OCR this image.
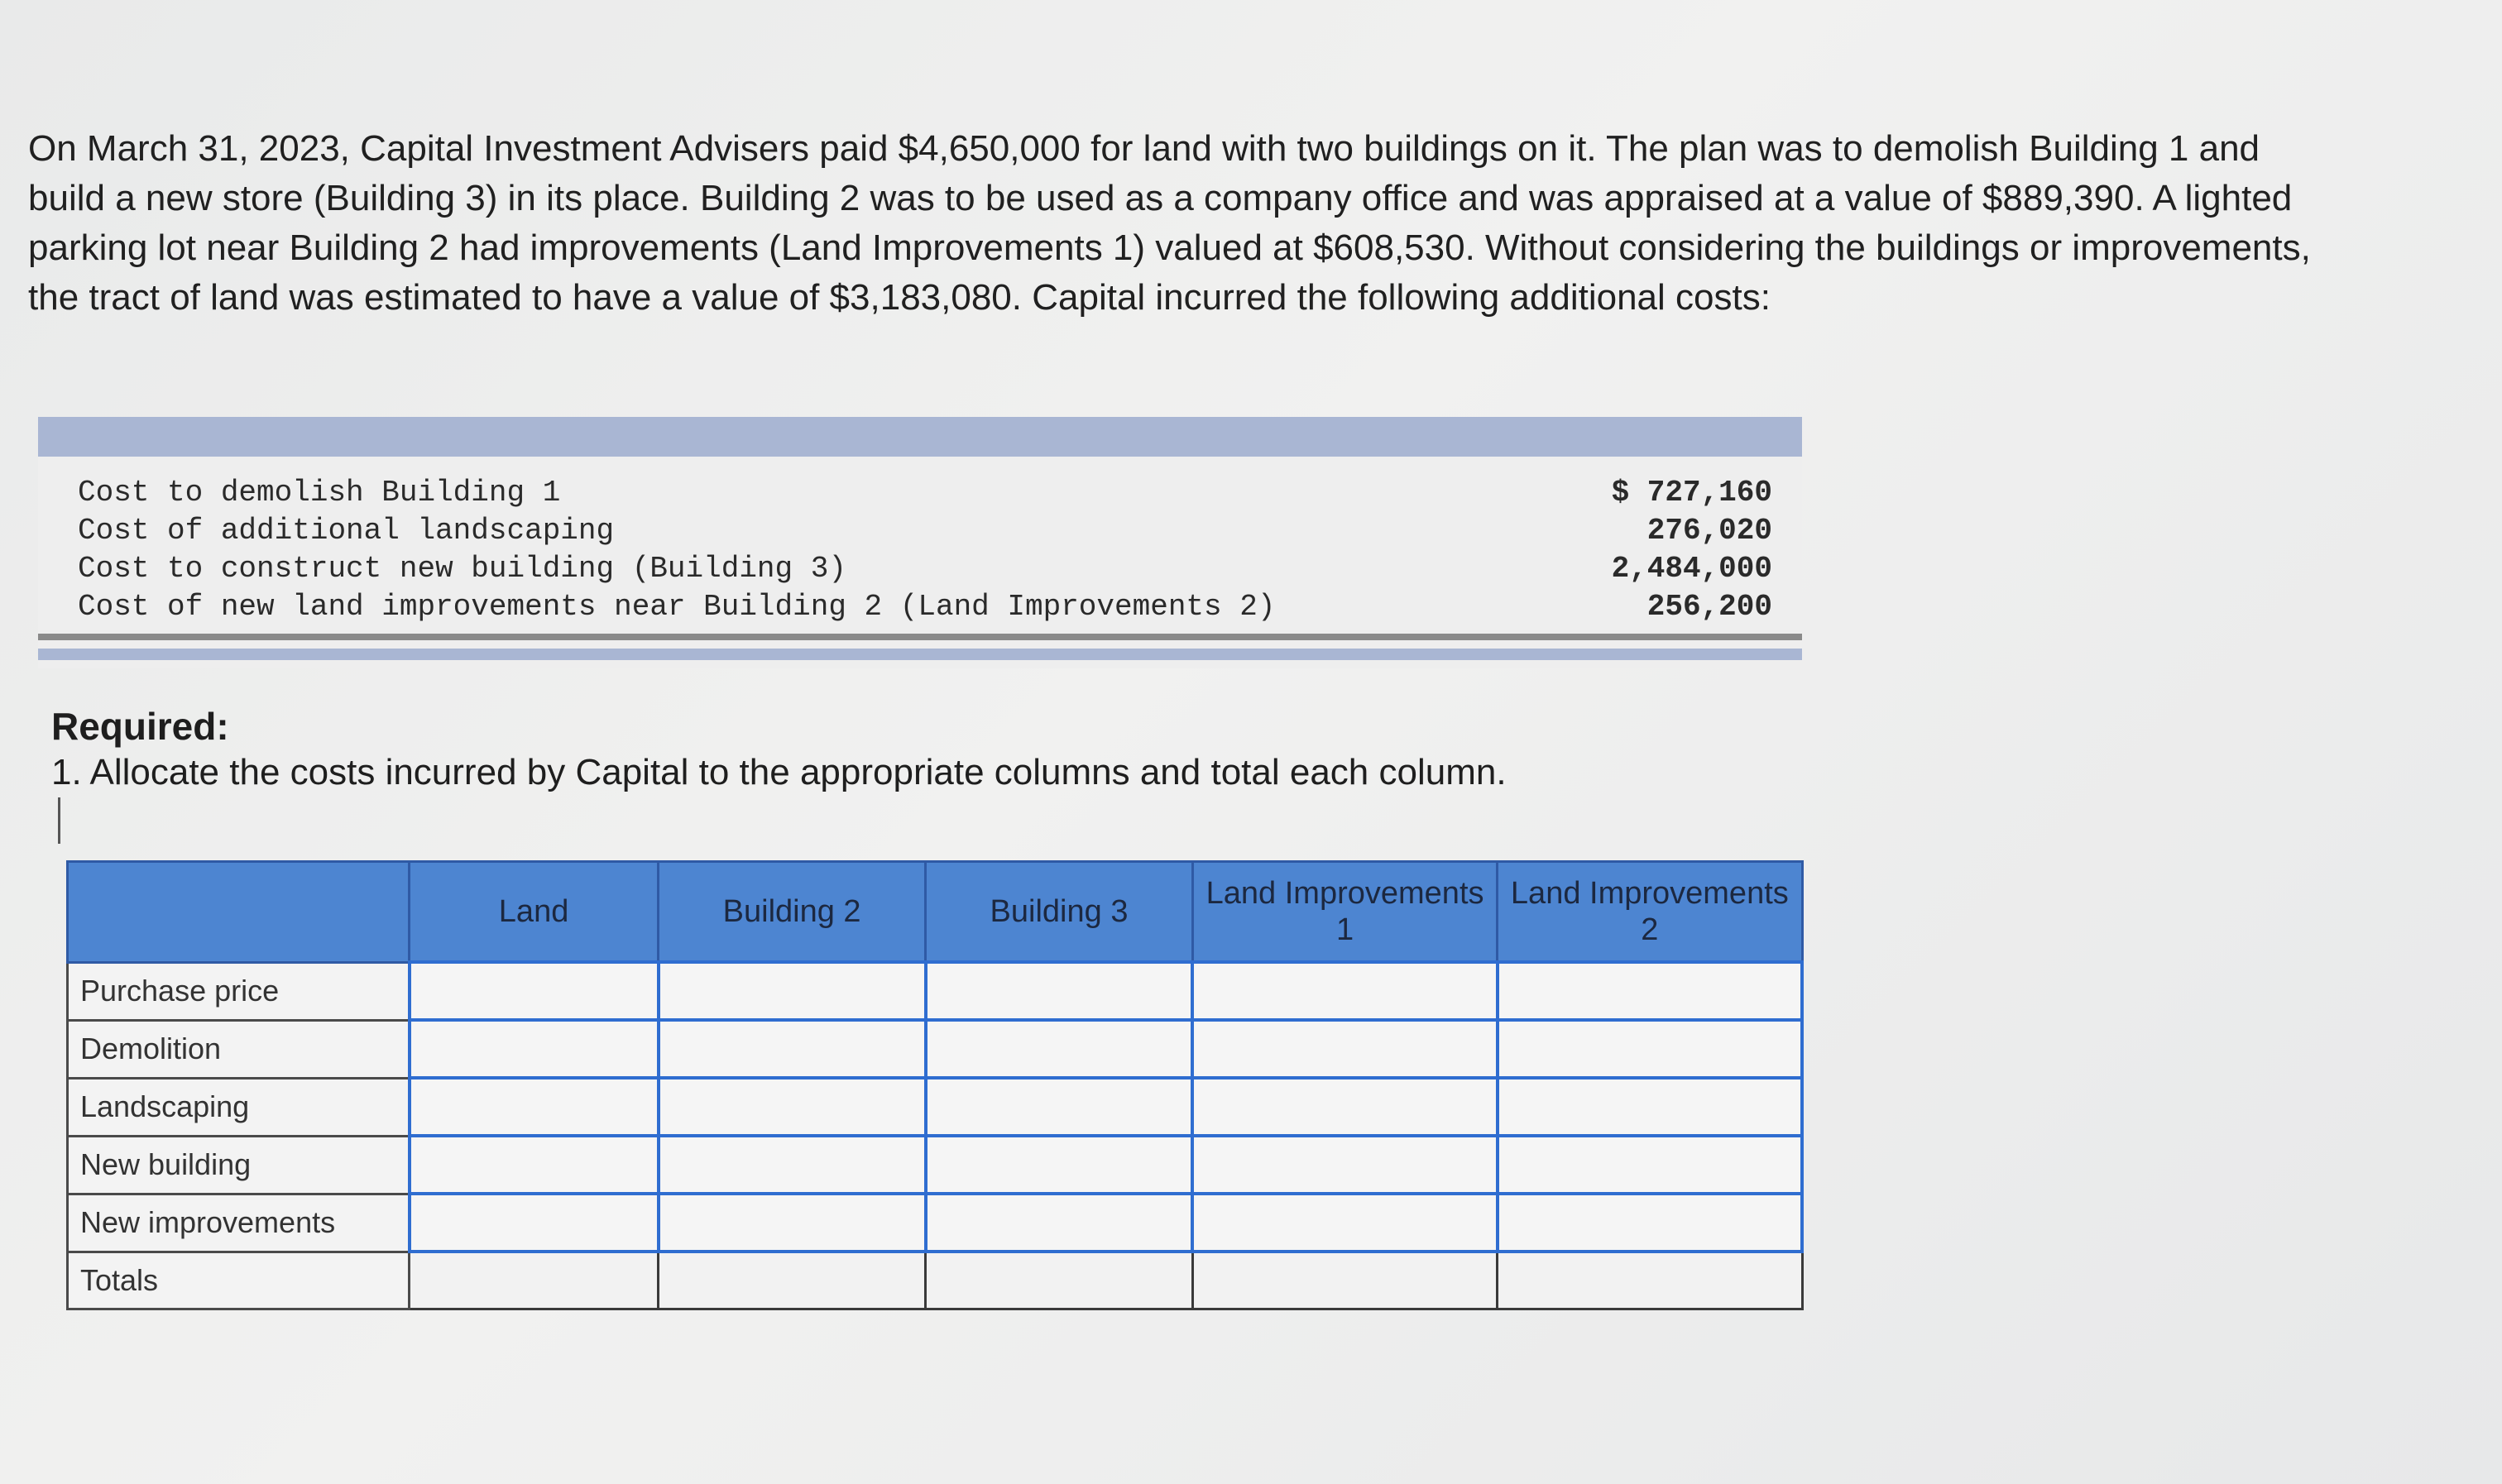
On March 31, 2023, Capital Investment Advisers paid $4,650,000 for land with two buildings on it. The plan was to demolish Building 1 and build a new store (Building 3) in its place. Building 2 was to be used as a company office and was appraised at a value of $889,390. A lighted parking lot near Building 2 had improvements (Land Improvements 1) valued at $608,530. Without considering the buildings or improvements, the tract of land was estimated to have a value of $3,183,080. Capital incurred the following additional costs:

Cost to demolish Building 1	$ 727,160
Cost of additional landscaping	276,020
Cost to construct new building (Building 3)	2,484,000
Cost of new land improvements near Building 2 (Land Improvements 2)	256,200
Required:

1. Allocate the costs incurred by Capital to the appropriate columns and total each column.

	Land	Building 2	Building 3	Land Improvements 1	Land Improvements 2
Purchase price					
Demolition					
Landscaping					
New building					
New improvements					
Totals					
